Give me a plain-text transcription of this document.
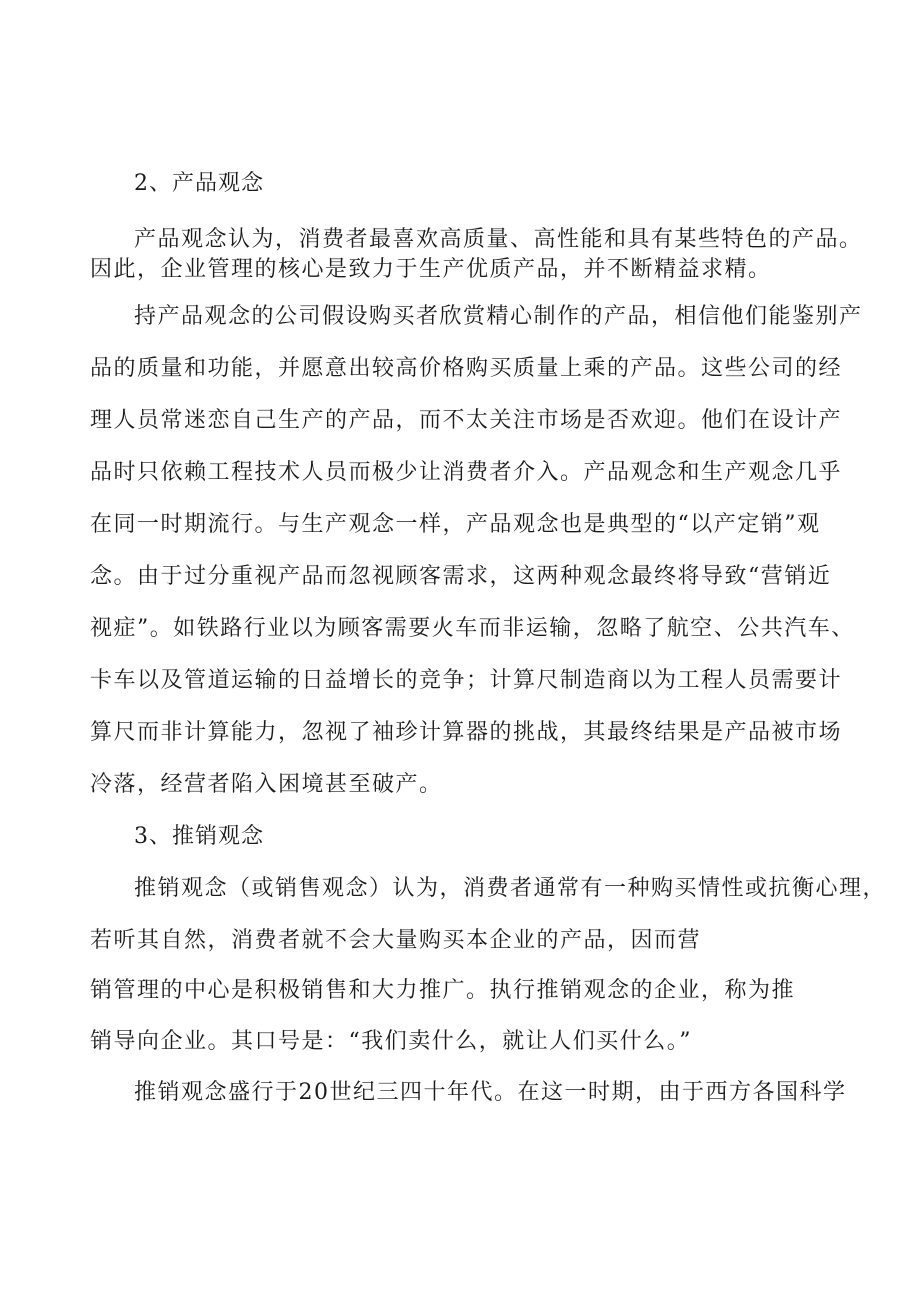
2、产品观念

产品观念认为，消费者最喜欢高质量、高性能和具有某些特色的产品。

因此，企业管理的核心是致力于生产优质产品，并不断精益求精。

持产品观念的公司假设购买者欣赏精心制作的产品，相信他们能鉴别产

品的质量和功能，并愿意出较高价格购买质量上乘的产品。这些公司的经

理人员常迷恋自己生产的产品，而不太关注市场是否欢迎。他们在设计产

品时只依赖工程技术人员而极少让消费者介入。产品观念和生产观念几乎

在同一时期流行。与生产观念一样，产品观念也是典型的“以产定销”观

念。由于过分重视产品而忽视顾客需求，这两种观念最终将导致“营销近

视症”。如铁路行业以为顾客需要火车而非运输，忽略了航空、公共汽车、

卡车以及管道运输的日益增长的竞争；计算尺制造商以为工程人员需要计

算尺而非计算能力，忽视了袖珍计算器的挑战，其最终结果是产品被市场

冷落，经营者陷入困境甚至破产。

3、推销观念

推销观念（或销售观念）认为，消费者通常有一种购买情性或抗衡心理，

若听其自然，消费者就不会大量购买本企业的产品，因而营

销管理的中心是积极销售和大力推广。执行推销观念的企业，称为推

销导向企业。其口号是：“我们卖什么，就让人们买什么。”

推销观念盛行于20世纪三四十年代。在这一时期，由于西方各国科学
